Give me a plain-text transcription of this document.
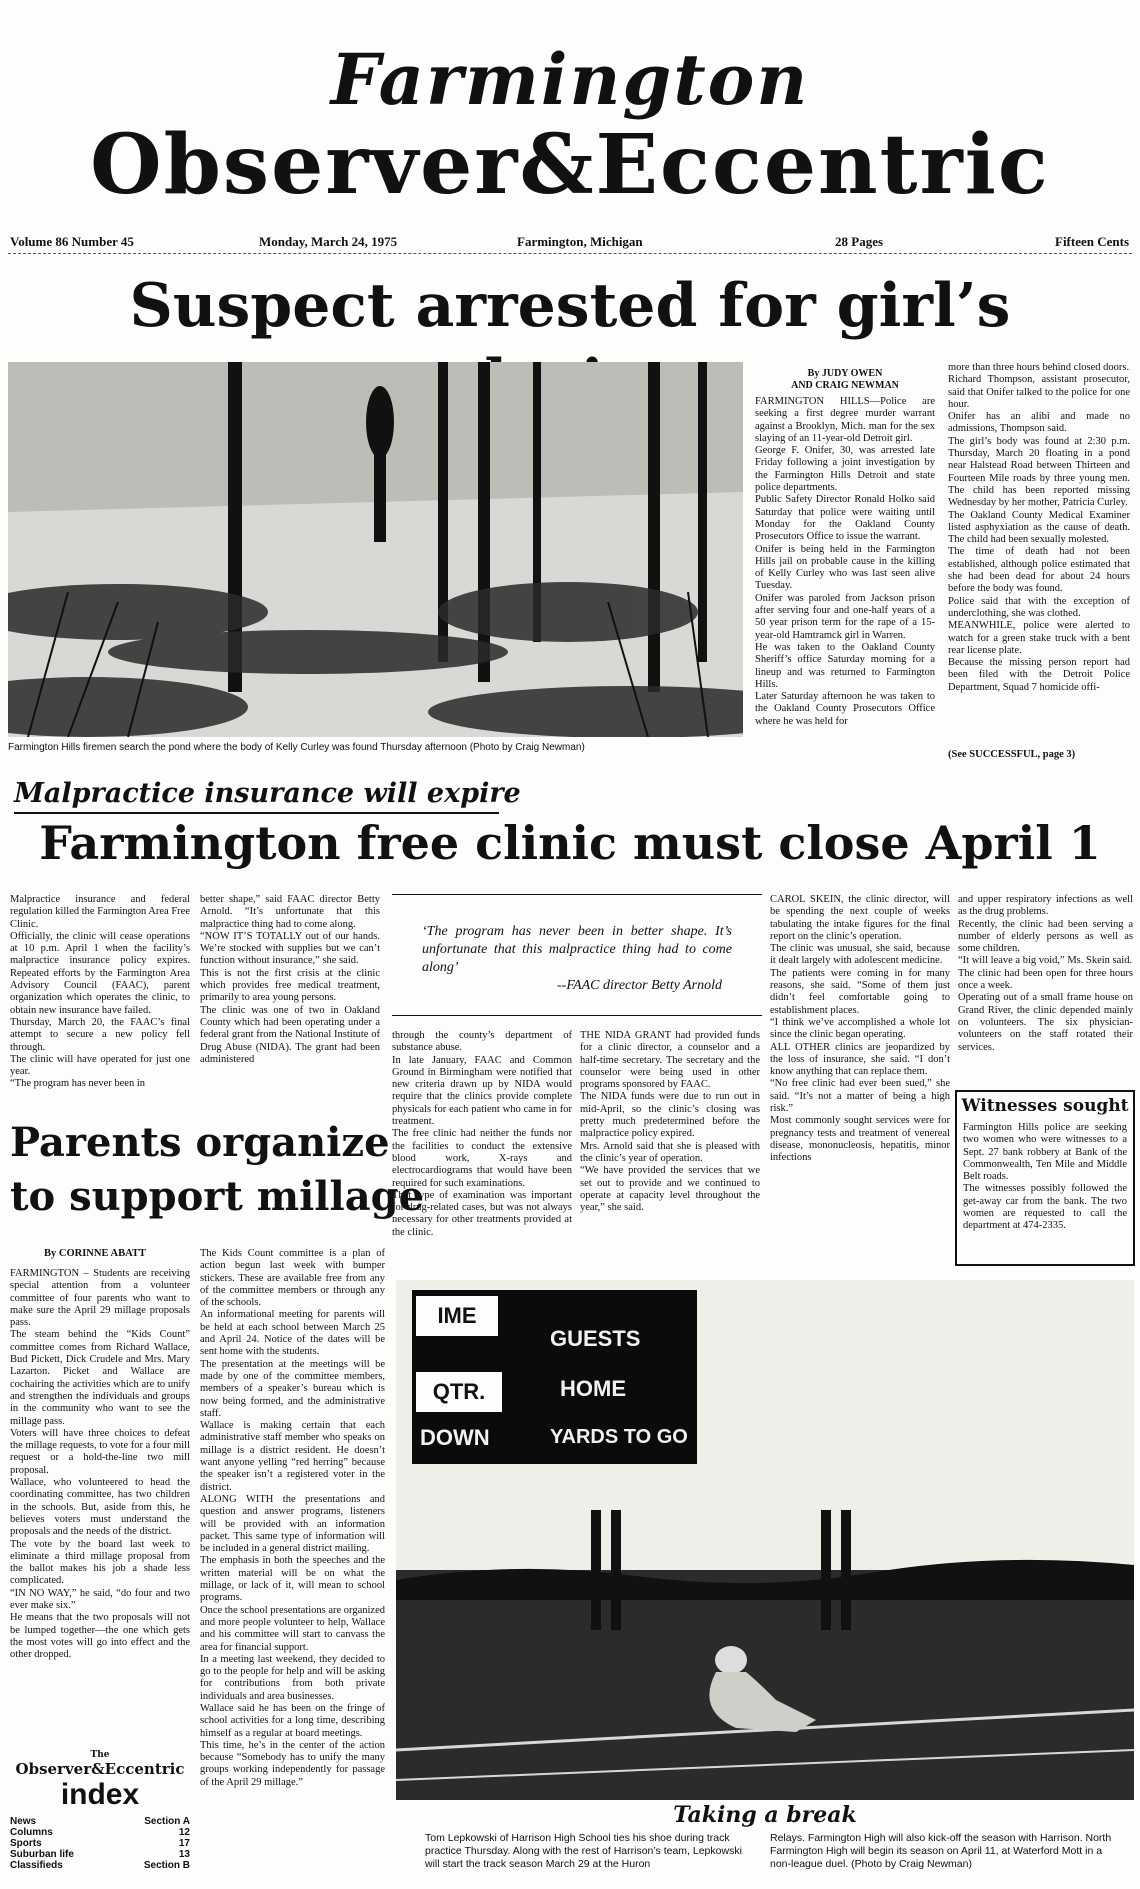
Farmington
Observer&Eccentric
Volume 86 Number 45	Monday, March 24, 1975	Farmington, Michigan	28 Pages	Fifteen Cents
Suspect arrested for girl’s
Farmington Hills firemen search the pond where the body of Kelly Curley was found Thursday afternoon (Photo by Craig Newman)
By JUDY OWEN
AND CRAIG NEWMAN
FARMINGTON HILLS—Police are seeking a first degree murder warrant against a Brooklyn, Mich. man for the sex slaying of an 11-year-old Detroit girl.
George F. Onifer, 30, was arrested late Friday following a joint investigation by the Farmington Hills Detroit and state police departments.
Public Safety Director Ronald Holko said Saturday that police were waiting until Monday for the Oakland County Prosecutors Office to issue the warrant.
Onifer is being held in the Farmington Hills jail on probable cause in the killing of Kelly Curley who was last seen alive Tuesday.
Onifer was paroled from Jackson prison after serving four and one-half years of a 50 year prison term for the rape of a 15-year-old Hamtramck girl in Warren.
He was taken to the Oakland County Sheriff’s office Saturday morning for a lineup and was returned to Farmington Hills.
Later Saturday afternoon he was taken to the Oakland County Prosecutors Office where he was held for
more than three hours behind closed doors.
Richard Thompson, assistant prosecutor, said that Onifer talked to the police for one hour.
Onifer has an alibi and made no admissions, Thompson said.
The girl’s body was found at 2:30 p.m. Thursday, March 20 floating in a pond near Halstead Road between Thirteen and Fourteen Mile roads by three young men. The child has been reported missing Wednesday by her mother, Patricia Curley.
The Oakland County Medical Examiner listed asphyxiation as the cause of death. The child had been sexually molested.
The time of death had not been established, although police estimated that she had been dead for about 24 hours before the body was found.
Police said that with the exception of underclothing, she was clothed.
MEANWHILE, police were alerted to watch for a green stake truck with a bent rear license plate.
Because the missing person report had been filed with the Detroit Police Department, Squad 7 homicide offi-
(See SUCCESSFUL, page 3)
Malpractice insurance will expire
Farmington free clinic must close April 1
Malpractice insurance and federal regulation killed the Farmington Area Free Clinic.
Officially, the clinic will cease operations at 10 p.m. April 1 when the facility’s malpractice insurance policy expires. Repeated efforts by the Farmington Area Advisory Council (FAAC), parent organization which operates the clinic, to obtain new insurance have failed.
Thursday, March 20, the FAAC’s final attempt to secure a new policy fell through.
The clinic will have operated for just one year.
“The program has never been in
better shape,” said FAAC director Betty Arnold. “It’s unfortunate that this malpractice thing had to come along.
“NOW IT’S TOTALLY out of our hands. We’re stocked with supplies but we can’t function without insurance,” she said.
This is not the first crisis at the clinic which provides free medical treatment, primarily to area young persons.
The clinic was one of two in Oakland County which had been operating under a federal grant from the National Institute of Drug Abuse (NIDA). The grant had been administered
‘The program has never been in better shape. It’s unfortunate that this malpractice thing had to come along’
--FAAC director Betty Arnold
through the county’s department of substance abuse.
In late January, FAAC and Common Ground in Birmingham were notified that new criteria drawn up by NIDA would require that the clinics provide complete physicals for each patient who came in for treatment.
The free clinic had neither the funds nor the facilities to conduct the extensive blood work, X-rays and electrocardiograms that would have been required for such examinations.
That type of examination was important for drug-related cases, but was not always necessary for other treatments provided at the clinic.
THE NIDA GRANT had provided funds for a clinic director, a counselor and a half-time secretary. The secretary and the counselor were being used in other programs sponsored by FAAC.
The NIDA funds were due to run out in mid-April, so the clinic’s closing was pretty much predetermined before the malpractice policy expired.
Mrs. Arnold said that she is pleased with the clinic’s year of operation.
“We have provided the services that we set out to provide and we continued to operate at capacity level throughout the year,” she said.
CAROL SKEIN, the clinic director, will be spending the next couple of weeks tabulating the intake figures for the final report on the clinic’s operation.
The clinic was unusual, she said, because it dealt largely with adolescent medicine.
The patients were coming in for many reasons, she said. “Some of them just didn’t feel comfortable going to establishment places.
“I think we’ve accomplished a whole lot since the clinic began operating.
ALL OTHER clinics are jeopardized by the loss of insurance, she said. “I don’t know anything that can replace them.
“No free clinic had ever been sued,” she said. “It’s not a matter of being a high risk.”
Most commonly sought services were for pregnancy tests and treatment of venereal disease, mononucleosis, hepatitis, minor infections
and upper respiratory infections as well as the drug problems.
Recently, the clinic had been serving a number of elderly persons as well as some children.
“It will leave a big void,” Ms. Skein said.
The clinic had been open for three hours once a week.
Operating out of a small frame house on Grand River, the clinic depended mainly on volunteers. The six physician-volunteers on the staff rotated their services.
Witnesses sought
Farmington Hills police are seeking two women who were witnesses to a Sept. 27 bank robbery at Bank of the Commonwealth, Ten Mile and Middle Belt roads.
The witnesses possibly followed the get-away car from the bank. The two women are requested to call the department at 474-2335.
Parents organize
to support millage
By CORINNE ABATT
FARMINGTON – Students are receiving special attention from a volunteer committee of four parents who want to make sure the April 29 millage proposals pass.
The steam behind the “Kids Count” committee comes from Richard Wallace, Bud Pickett, Dick Crudele and Mrs. Mary Lazarton. Picket and Wallace are cochairing the activities which are to unify and strengthen the individuals and groups in the community who want to see the millage pass.
Voters will have three choices to defeat the millage requests, to vote for a four mill request or a hold-the-line two mill proposal.
Wallace, who volunteered to head the coordinating committee, has two children in the schools. But, aside from this, he believes voters must understand the proposals and the needs of the district.
The vote by the board last week to eliminate a third millage proposal from the ballot makes his job a shade less complicated.
“IN NO WAY,” he said, “do four and two ever make six.”
He means that the two proposals will not be lumped together—the one which gets the most votes will go into effect and the other dropped.
The Kids Count committee is a plan of action begun last week with bumper stickers. These are available free from any of the committee members or through any of the schools.
An informational meeting for parents will be held at each school between March 25 and April 24. Notice of the dates will be sent home with the students.
The presentation at the meetings will be made by one of the committee members, members of a speaker’s bureau which is now being formed, and the administrative staff.
Wallace is making certain that each administrative staff member who speaks on millage is a district resident. He doesn’t want anyone yelling “red herring” because the speaker isn’t a registered voter in the district.
ALONG WITH the presentations and question and answer programs, listeners will be provided with an information packet. This same type of information will be included in a general district mailing.
The emphasis in both the speeches and the written material will be on what the millage, or lack of it, will mean to school programs.
Once the school presentations are organized and more people volunteer to help, Wallace and his committee will start to canvass the area for financial support.
In a meeting last weekend, they decided to go to the people for help and will be asking for contributions from both private individuals and area businesses.
Wallace said he has been on the fringe of school activities for a long time, describing himself as a regular at board meetings.
This time, he’s in the center of the action because “Somebody has to unify the many groups working independently for passage of the April 29 millage.”
The
Observer&Eccentric
index
News	Section A
Columns	12
Sports	17
Suburban life	13
Classifieds	Section B
IME
QTR.
DOWN
GUESTS
HOME
YARDS TO GO
Taking a break
Tom Lepkowski of Harrison High School ties his shoe during track practice Thursday. Along with the rest of Harrison’s team, Lepkowski will start the track season March 29 at the Huron
Relays. Farmington High will also kick-off the season with Harrison. North Farmington High will begin its season on April 11, at Waterford Mott in a non-league duel. (Photo by Craig Newman)
